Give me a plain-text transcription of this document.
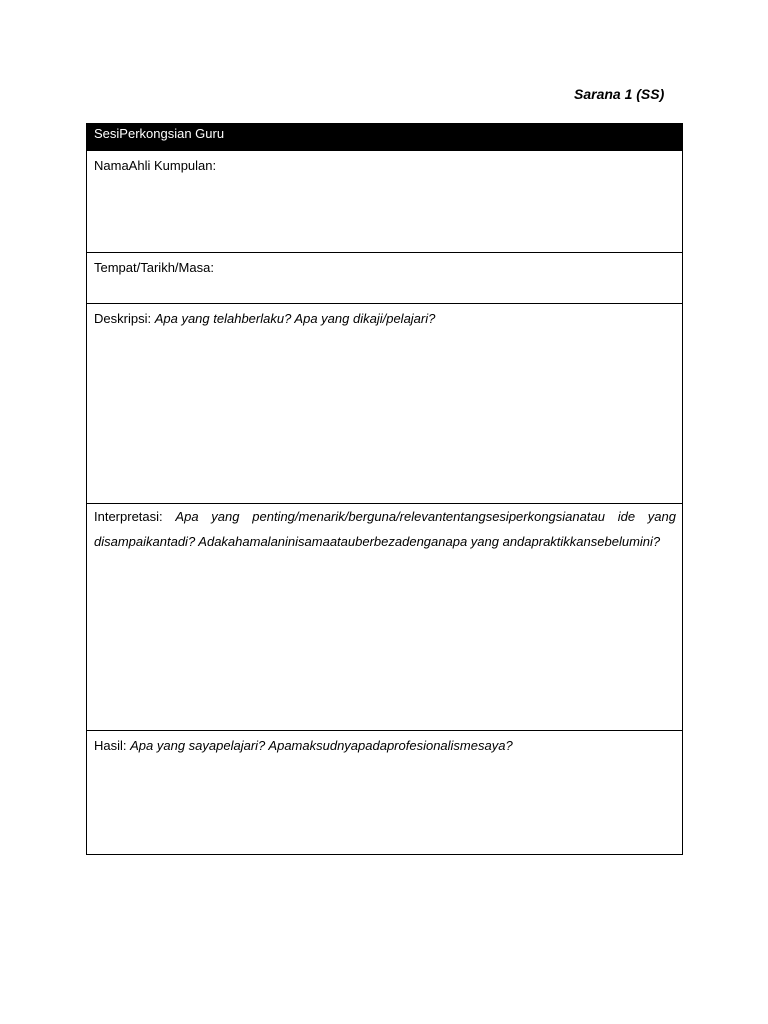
Sarana 1 (SS)
SesiPerkongsian Guru
NamaAhli Kumpulan:
Tempat/Tarikh/Masa:
Deskripsi: Apa yang telahberlaku? Apa yang dikaji/pelajari?
Interpretasi: Apa yang penting/menarik/berguna/relevantentangsesiperkongsianatau ide yang disampaikantadi? Adakahamalaninisamaatauberbezadenganapa yang andapraktikkansebelumini?
Hasil: Apa yang sayapelajari? Apamaksudnyapadaprofesionalismesaya?
